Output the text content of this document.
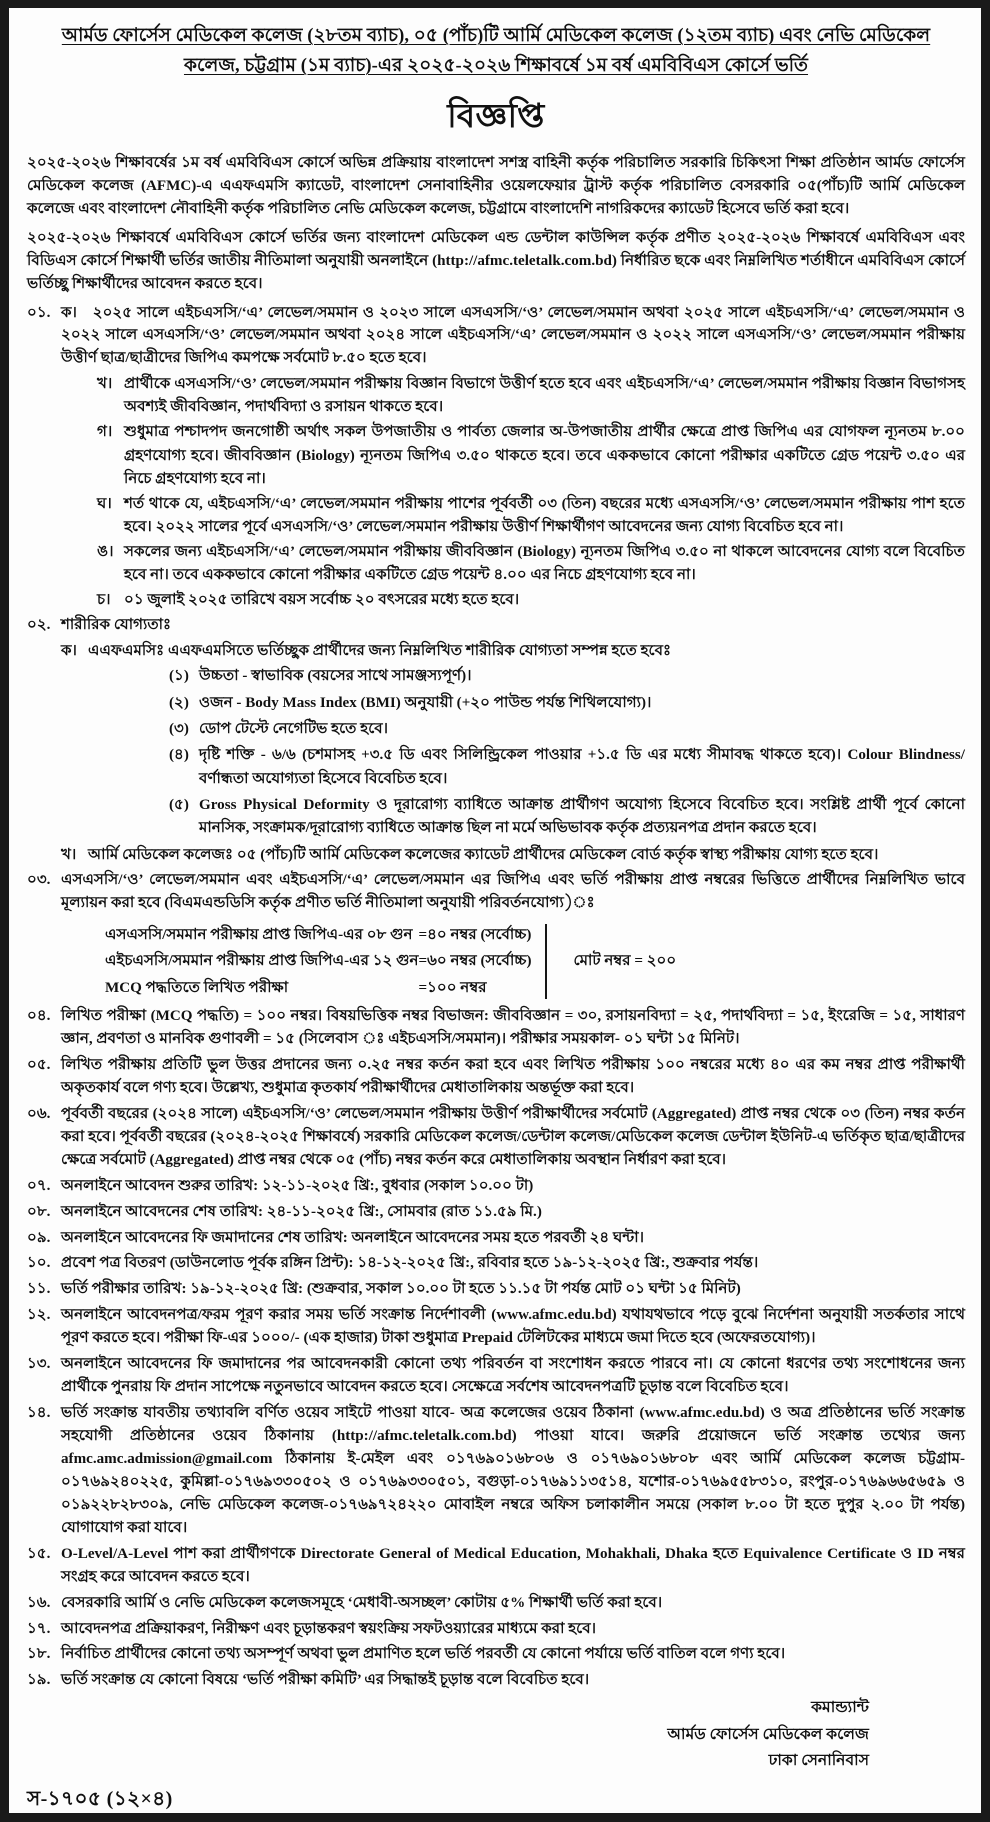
আর্মড ফোর্সেস মেডিকেল কলেজ (২৮তম ব্যাচ), ০৫ (পাঁচ)টি আর্মি মেডিকেল কলেজ (১২তম ব্যাচ) এবং নেভি মেডিকেল
কলেজ, চট্টগ্রাম (১ম ব্যাচ)-এর ২০২৫-২০২৬ শিক্ষাবর্ষে ১ম বর্ষ এমবিবিএস কোর্সে ভর্তি
বিজ্ঞপ্তি

২০২৫-২০২৬ শিক্ষাবর্ষের ১ম বর্ষ এমবিবিএস কোর্সে অভিন্ন প্রক্রিয়ায় বাংলাদেশ সশস্ত্র বাহিনী কর্তৃক পরিচালিত সরকারি চিকিৎসা শিক্ষা প্রতিষ্ঠান আর্মড ফোর্সেস মেডিকেল কলেজ (AFMC)-এ এএফএমসি ক্যাডেট, বাংলাদেশ সেনাবাহিনীর ওয়েলফেয়ার ট্রাস্ট কর্তৃক পরিচালিত বেসরকারি ০৫(পাঁচ)টি আর্মি মেডিকেল কলেজে এবং বাংলাদেশ নৌবাহিনী কর্তৃক পরিচালিত নেভি মেডিকেল কলেজ, চট্টগ্রামে বাংলাদেশি নাগরিকদের ক্যাডেট হিসেবে ভর্তি করা হবে।

২০২৫-২০২৬ শিক্ষাবর্ষে এমবিবিএস কোর্সে ভর্তির জন্য বাংলাদেশ মেডিকেল এন্ড ডেন্টাল কাউন্সিল কর্তৃক প্রণীত ২০২৫-২০২৬ শিক্ষাবর্ষে এমবিবিএস এবং বিডিএস কোর্সে শিক্ষার্থী ভর্তির জাতীয় নীতিমালা অনুযায়ী অনলাইনে (http://afmc.teletalk.com.bd) নির্ধারিত ছকে এবং নিম্নলিখিত শর্তাধীনে এমবিবিএস কোর্সে ভর্তিচ্ছু শিক্ষার্থীদের আবেদন করতে হবে।

০১. ক। ২০২৫ সালে এইচএসসি/‘এ’ লেভেল/সমমান ও ২০২৩ সালে এসএসসি/‘ও’ লেভেল/সমমান অথবা ২০২৫ সালে এইচএসসি/‘এ’ লেভেল/সমমান ও ২০২২ সালে এসএসসি/‘ও’ লেভেল/সমমান অথবা ২০২৪ সালে এইচএসসি/‘এ’ লেভেল/সমমান ও ২০২২ সালে এসএসসি/‘ও’ লেভেল/সমমান পরীক্ষায় উত্তীর্ণ ছাত্র/ছাত্রীদের জিপিএ কমপক্ষে সর্বমোট ৮.৫০ হতে হবে।
খ। প্রার্থীকে এসএসসি/‘ও’ লেভেল/সমমান পরীক্ষায় বিজ্ঞান বিভাগে উত্তীর্ণ হতে হবে এবং এইচএসসি/‘এ’ লেভেল/সমমান পরীক্ষায় বিজ্ঞান বিভাগসহ অবশ্যই জীববিজ্ঞান, পদার্থবিদ্যা ও রসায়ন থাকতে হবে।
গ। শুধুমাত্র পশ্চাদপদ জনগোষ্ঠী অর্থাৎ সকল উপজাতীয় ও পার্বত্য জেলার অ-উপজাতীয় প্রার্থীর ক্ষেত্রে প্রাপ্ত জিপিএ এর যোগফল ন্যূনতম ৮.০০ গ্রহণযোগ্য হবে। জীববিজ্ঞান (Biology) ন্যূনতম জিপিএ ৩.৫০ থাকতে হবে। তবে এককভাবে কোনো পরীক্ষার একটিতে গ্রেড পয়েন্ট ৩.৫০ এর নিচে গ্রহণযোগ্য হবে না।
ঘ। শর্ত থাকে যে, এইচএসসি/‘এ’ লেভেল/সমমান পরীক্ষায় পাশের পূর্ববর্তী ০৩ (তিন) বছরের মধ্যে এসএসসি/‘ও’ লেভেল/সমমান পরীক্ষায় পাশ হতে হবে। ২০২২ সালের পূর্বে এসএসসি/‘ও’ লেভেল/সমমান পরীক্ষায় উত্তীর্ণ শিক্ষার্থীগণ আবেদনের জন্য যোগ্য বিবেচিত হবে না।
ঙ। সকলের জন্য এইচএসসি/‘এ’ লেভেল/সমমান পরীক্ষায় জীববিজ্ঞান (Biology) ন্যূনতম জিপিএ ৩.৫০ না থাকলে আবেদনের যোগ্য বলে বিবেচিত হবে না। তবে এককভাবে কোনো পরীক্ষার একটিতে গ্রেড পয়েন্ট ৪.০০ এর নিচে গ্রহণযোগ্য হবে না।
চ। ০১ জুলাই ২০২৫ তারিখে বয়স সর্বোচ্চ ২০ বৎসরের মধ্যে হতে হবে।
০২. শারীরিক যোগ্যতাঃ
ক। এএফএমসিঃ এএফএমসিতে ভর্তিচ্ছুক প্রার্থীদের জন্য নিম্নলিখিত শারীরিক যোগ্যতা সম্পন্ন হতে হবেঃ
(১) উচ্চতা - স্বাভাবিক (বয়সের সাথে সামঞ্জস্যপূর্ণ)।
(২) ওজন - Body Mass Index (BMI) অনুযায়ী (+২০ পাউন্ড পর্যন্ত শিথিলযোগ্য)।
(৩) ডোপ টেস্টে নেগেটিভ হতে হবে।
(৪) দৃষ্টি শক্তি - ৬/৬ (চশমাসহ +৩.৫ ডি এবং সিলিন্ড্রিকেল পাওয়ার +১.৫ ডি এর মধ্যে সীমাবদ্ধ থাকতে হবে)। Colour Blindness/ বর্ণান্ধতা অযোগ্যতা হিসেবে বিবেচিত হবে।
(৫) Gross Physical Deformity ও দূরারোগ্য ব্যাধিতে আক্রান্ত প্রার্থীগণ অযোগ্য হিসেবে বিবেচিত হবে। সংশ্লিষ্ট প্রার্থী পূর্বে কোনো মানসিক, সংক্রামক/দূরারোগ্য ব্যাধিতে আক্রান্ত ছিল না মর্মে অভিভাবক কর্তৃক প্রত্যয়নপত্র প্রদান করতে হবে।
খ। আর্মি মেডিকেল কলেজঃ ০৫ (পাঁচ)টি আর্মি মেডিকেল কলেজের ক্যাডেট প্রার্থীদের মেডিকেল বোর্ড কর্তৃক স্বাস্থ্য পরীক্ষায় যোগ্য হতে হবে।
০৩. এসএসসি/‘ও’ লেভেল/সমমান এবং এইচএসসি/‘এ’ লেভেল/সমমান এর জিপিএ এবং ভর্তি পরীক্ষায় প্রাপ্ত নম্বরের ভিত্তিতে প্রার্থীদের নিম্নলিখিত ভাবে মূল্যায়ন করা হবে (বিএমএন্ডডিসি কর্তৃক প্রণীত ভর্তি নীতিমালা অনুযায়ী পরিবর্তনযোগ্য)ঃ
এসএসসি/সমমান পরীক্ষায় প্রাপ্ত জিপিএ-এর ০৮ গুন	=	৪০ নম্বর (সর্বোচ্চ)
এইচএসসি/সমমান পরীক্ষায় প্রাপ্ত জিপিএ-এর ১২ গুন	=	৬০ নম্বর (সর্বোচ্চ)
MCQ পদ্ধতিতে লিখিত পরীক্ষা	=	১০০ নম্বর
মোট নম্বর = ২০০
০৪. লিখিত পরীক্ষা (MCQ পদ্ধতি) = ১০০ নম্বর। বিষয়ভিত্তিক নম্বর বিভাজন: জীববিজ্ঞান = ৩০, রসায়নবিদ্যা = ২৫, পদার্থবিদ্যা = ১৫, ইংরেজি = ১৫, সাধারণ জ্ঞান, প্রবণতা ও মানবিক গুণাবলী = ১৫ (সিলেবাস ঃ এইচএসসি/সমমান)। পরীক্ষার সময়কাল- ০১ ঘন্টা ১৫ মিনিট।
০৫. লিখিত পরীক্ষায় প্রতিটি ভুল উত্তর প্রদানের জন্য ০.২৫ নম্বর কর্তন করা হবে এবং লিখিত পরীক্ষায় ১০০ নম্বরের মধ্যে ৪০ এর কম নম্বর প্রাপ্ত পরীক্ষার্থী অকৃতকার্য বলে গণ্য হবে। উল্লেখ্য, শুধুমাত্র কৃতকার্য পরীক্ষার্থীদের মেধাতালিকায় অন্তর্ভূক্ত করা হবে।
০৬. পূর্ববর্তী বছরের (২০২৪ সালে) এইচএসসি/‘ও’ লেভেল/সমমান পরীক্ষায় উত্তীর্ণ পরীক্ষার্থীদের সর্বমোট (Aggregated) প্রাপ্ত নম্বর থেকে ০৩ (তিন) নম্বর কর্তন করা হবে। পূর্ববর্তী বছরের (২০২৪-২০২৫ শিক্ষাবর্ষে) সরকারি মেডিকেল কলেজ/ডেন্টাল কলেজ/মেডিকেল কলেজ ডেন্টাল ইউনিট-এ ভর্তিকৃত ছাত্র/ছাত্রীদের ক্ষেত্রে সর্বমোট (Aggregated) প্রাপ্ত নম্বর থেকে ০৫ (পাঁচ) নম্বর কর্তন করে মেধাতালিকায় অবস্থান নির্ধারণ করা হবে।
০৭. অনলাইনে আবেদন শুরুর তারিখ: ১২-১১-২০২৫ খ্রি:, বুধবার (সকাল ১০.০০ টা)
০৮. অনলাইনে আবেদনের শেষ তারিখ: ২৪-১১-২০২৫ খ্রি:, সোমবার (রাত ১১.৫৯ মি.)
০৯. অনলাইনে আবেদনের ফি জমাদানের শেষ তারিখ: অনলাইনে আবেদনের সময় হতে পরবর্তী ২৪ ঘন্টা।
১০. প্রবেশ পত্র বিতরণ (ডাউনলোড পূর্বক রঙ্গিন প্রিন্ট): ১৪-১২-২০২৫ খ্রি:, রবিবার হতে ১৯-১২-২০২৫ খ্রি:, শুক্রবার পর্যন্ত।
১১. ভর্তি পরীক্ষার তারিখ: ১৯-১২-২০২৫ খ্রি: (শুক্রবার, সকাল ১০.০০ টা হতে ১১.১৫ টা পর্যন্ত মোট ০১ ঘন্টা ১৫ মিনিট)
১২. অনলাইনে আবেদনপত্র/ফরম পূরণ করার সময় ভর্তি সংক্রান্ত নির্দেশাবলী (www.afmc.edu.bd) যথাযথভাবে পড়ে বুঝে নির্দেশনা অনুযায়ী সতর্কতার সাথে পূরণ করতে হবে। পরীক্ষা ফি-এর ১০০০/- (এক হাজার) টাকা শুধুমাত্র Prepaid টেলিটকের মাধ্যমে জমা দিতে হবে (অফেরতযোগ্য)।
১৩. অনলাইনে আবেদনের ফি জমাদানের পর আবেদনকারী কোনো তথ্য পরিবর্তন বা সংশোধন করতে পারবে না। যে কোনো ধরণের তথ্য সংশোধনের জন্য প্রার্থীকে পুনরায় ফি প্রদান সাপেক্ষে নতুনভাবে আবেদন করতে হবে। সেক্ষেত্রে সর্বশেষ আবেদনপত্রটি চূড়ান্ত বলে বিবেচিত হবে।
১৪. ভর্তি সংক্রান্ত যাবতীয় তথ্যাবলি বর্ণিত ওয়েব সাইটে পাওয়া যাবে- অত্র কলেজের ওয়েব ঠিকানা (www.afmc.edu.bd) ও অত্র প্রতিষ্ঠানের ভর্তি সংক্রান্ত সহযোগী প্রতিষ্ঠানের ওয়েব ঠিকানায় (http://afmc.teletalk.com.bd) পাওয়া যাবে। জরুরি প্রয়োজনে ভর্তি সংক্রান্ত তথ্যের জন্য afmc.amc.admission@gmail.com ঠিকানায় ই-মেইল এবং ০১৭৬৯০১৬৮০৬ ও ০১৭৬৯০১৬৮০৮ এবং আর্মি মেডিকেল কলেজ চট্টগ্রাম- ০১৭৬৯২৪০২২৫, কুমিল্লা-০১৭৬৯৩৩০৫০২ ও ০১৭৬৯৩৩০৫০১, বগুড়া-০১৭৬৯১১৩৫১৪, যশোর-০১৭৬৯৫৫৮৩১০, রংপুর-০১৭৬৯৬৬৫৬৫৯ ও ০১৯২২৮২৮৩০৯, নেভি মেডিকেল কলেজ-০১৭৬৯৭২৪২২০ মোবাইল নম্বরে অফিস চলাকালীন সময়ে (সকাল ৮.০০ টা হতে দুপুর ২.০০ টা পর্যন্ত) যোগাযোগ করা যাবে।
১৫. O-Level/A-Level পাশ করা প্রার্থীগণকে Directorate General of Medical Education, Mohakhali, Dhaka হতে Equivalence Certificate ও ID নম্বর সংগ্রহ করে আবেদন করতে হবে।
১৬. বেসরকারি আর্মি ও নেভি মেডিকেল কলেজসমূহে ‘মেধাবী-অসচ্ছল’ কোটায় ৫% শিক্ষার্থী ভর্তি করা হবে।
১৭. আবেদনপত্র প্রক্রিয়াকরণ, নিরীক্ষণ এবং চূড়ান্তকরণ স্বয়ংক্রিয় সফটওয়্যারের মাধ্যমে করা হবে।
১৮. নির্বাচিত প্রার্থীদের কোনো তথ্য অসম্পূর্ণ অথবা ভুল প্রমাণিত হলে ভর্তি পরবর্তী যে কোনো পর্যায়ে ভর্তি বাতিল বলে গণ্য হবে।
১৯. ভর্তি সংক্রান্ত যে কোনো বিষয়ে ‘ভর্তি পরীক্ষা কমিটি’ এর সিদ্ধান্তই চূড়ান্ত বলে বিবেচিত হবে।
কমান্ড্যান্ট
আর্মড ফোর্সেস মেডিকেল কলেজ
ঢাকা সেনানিবাস
স-১৭০৫ (১২×৪)
